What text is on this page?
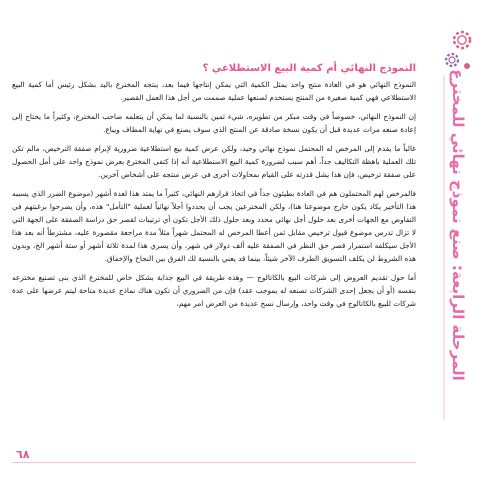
المرحلة الرابعة: صنع نموذج نهائي للمخترع
النموذج النهائي أم كمية البيع الاستطلاعي ؟

النموذج النهائي هو في العادة منتج واحد يمثل الكمية التي يمكن إنتاجها فيما بعد، ينتجه المخترع باليد بشكل رئيس أما كمية البيع الاستطلاعي فهي كمية صغيرة من المنتج يستخدم لصنعها عملية صممت من أجل هذا العمل القصير.

إن النموذج النهائي، خصوصاً في وقت مبكر من تطويره، شيء ثمين بالنسبة لما يمكن أن يتعلمه صاحب المخترع، وكثيراً ما يحتاج إلى إعادة صنعه مرات عديدة قبل أن يكون نسخة صادقة عن المنتج الذي سوف يصنع في نهاية المطاف ويباع.

غالباً ما يقدم إلى المرخص له المحتمل نموذج نهائي وحيد، ولكن عرض كمية بيع استطلاعية ضرورية لإبرام صفقة الترخيص، مالم تكن تلك العملية باهظة التكاليف جداً، أهم سبب لضرورة كمية البيع الاستطلاعية أنه إذا كتفى المخترع بعرض نموذج واحد على أمل الحصول على صفقة ترخيص، فإن هذا يشل قدرته على القيام بمحاولات أخرى في عرض منتجه على أشخاص آخرين.

فالمرخص لهم المحتملون هم في العادة بطيئون جداً في اتخاذ قرارهم النهائي، كثيراً ما يمتد هذا لعدة أشهر (موضوع الضرر الذي يسببه هذا التأخير يكاد يكون خارج موضوعنا هنا)، ولكن المخترعين يجب أن يحددوا أجلاً نهائياً لعملية "التأمل" هذه، وأن يصرحوا برغبتهم في التفاوض مع الجهات أخرى بعد حلول أجل نهائي محدد وبعد حلول ذلك الأجل تكون أي ترتيبات لقصر حق دراسة الصفقة على الجهة التي لا تزال تدرس موضوع قبول ترخيص مقابل ثمن أعطا المرخص له المحتمل شهراً مثلاً مدة مراجعة مقصورة عليه، مشترطاً أنه بعد هذا الأجل سيكلفه استمرار قصر حق النظر في الصفقة عليه ألف دولار في شهر، وأن يسري هذا لمدة ثلاثة أشهر أو ستة أشهر الخ، وبدون هذه الشروط لن يكلف التسويق الطرف الآخر شيئاً، بينما قد يعني بالنسبة لك الفرق بين النجاح والإخفاق.

أما حول تقديم العروض إلى شركات البيع بالكاتالوج — وهذه طريقة في البيع جذابة بشكل خاص للمخترع الذي بنى تصنيع مخترعه بنفسه (أو أن يجعل إحدى الشركات تصنعه له بموجب عقد) فإن من الضروري أن تكون هناك نماذج عديدة متاحة ليتم عرضها على عدة شركات للبيع بالكاتالوج في وقت واحد، وإرسال نسخ عديدة من العرض امر مهم،

٦٨
